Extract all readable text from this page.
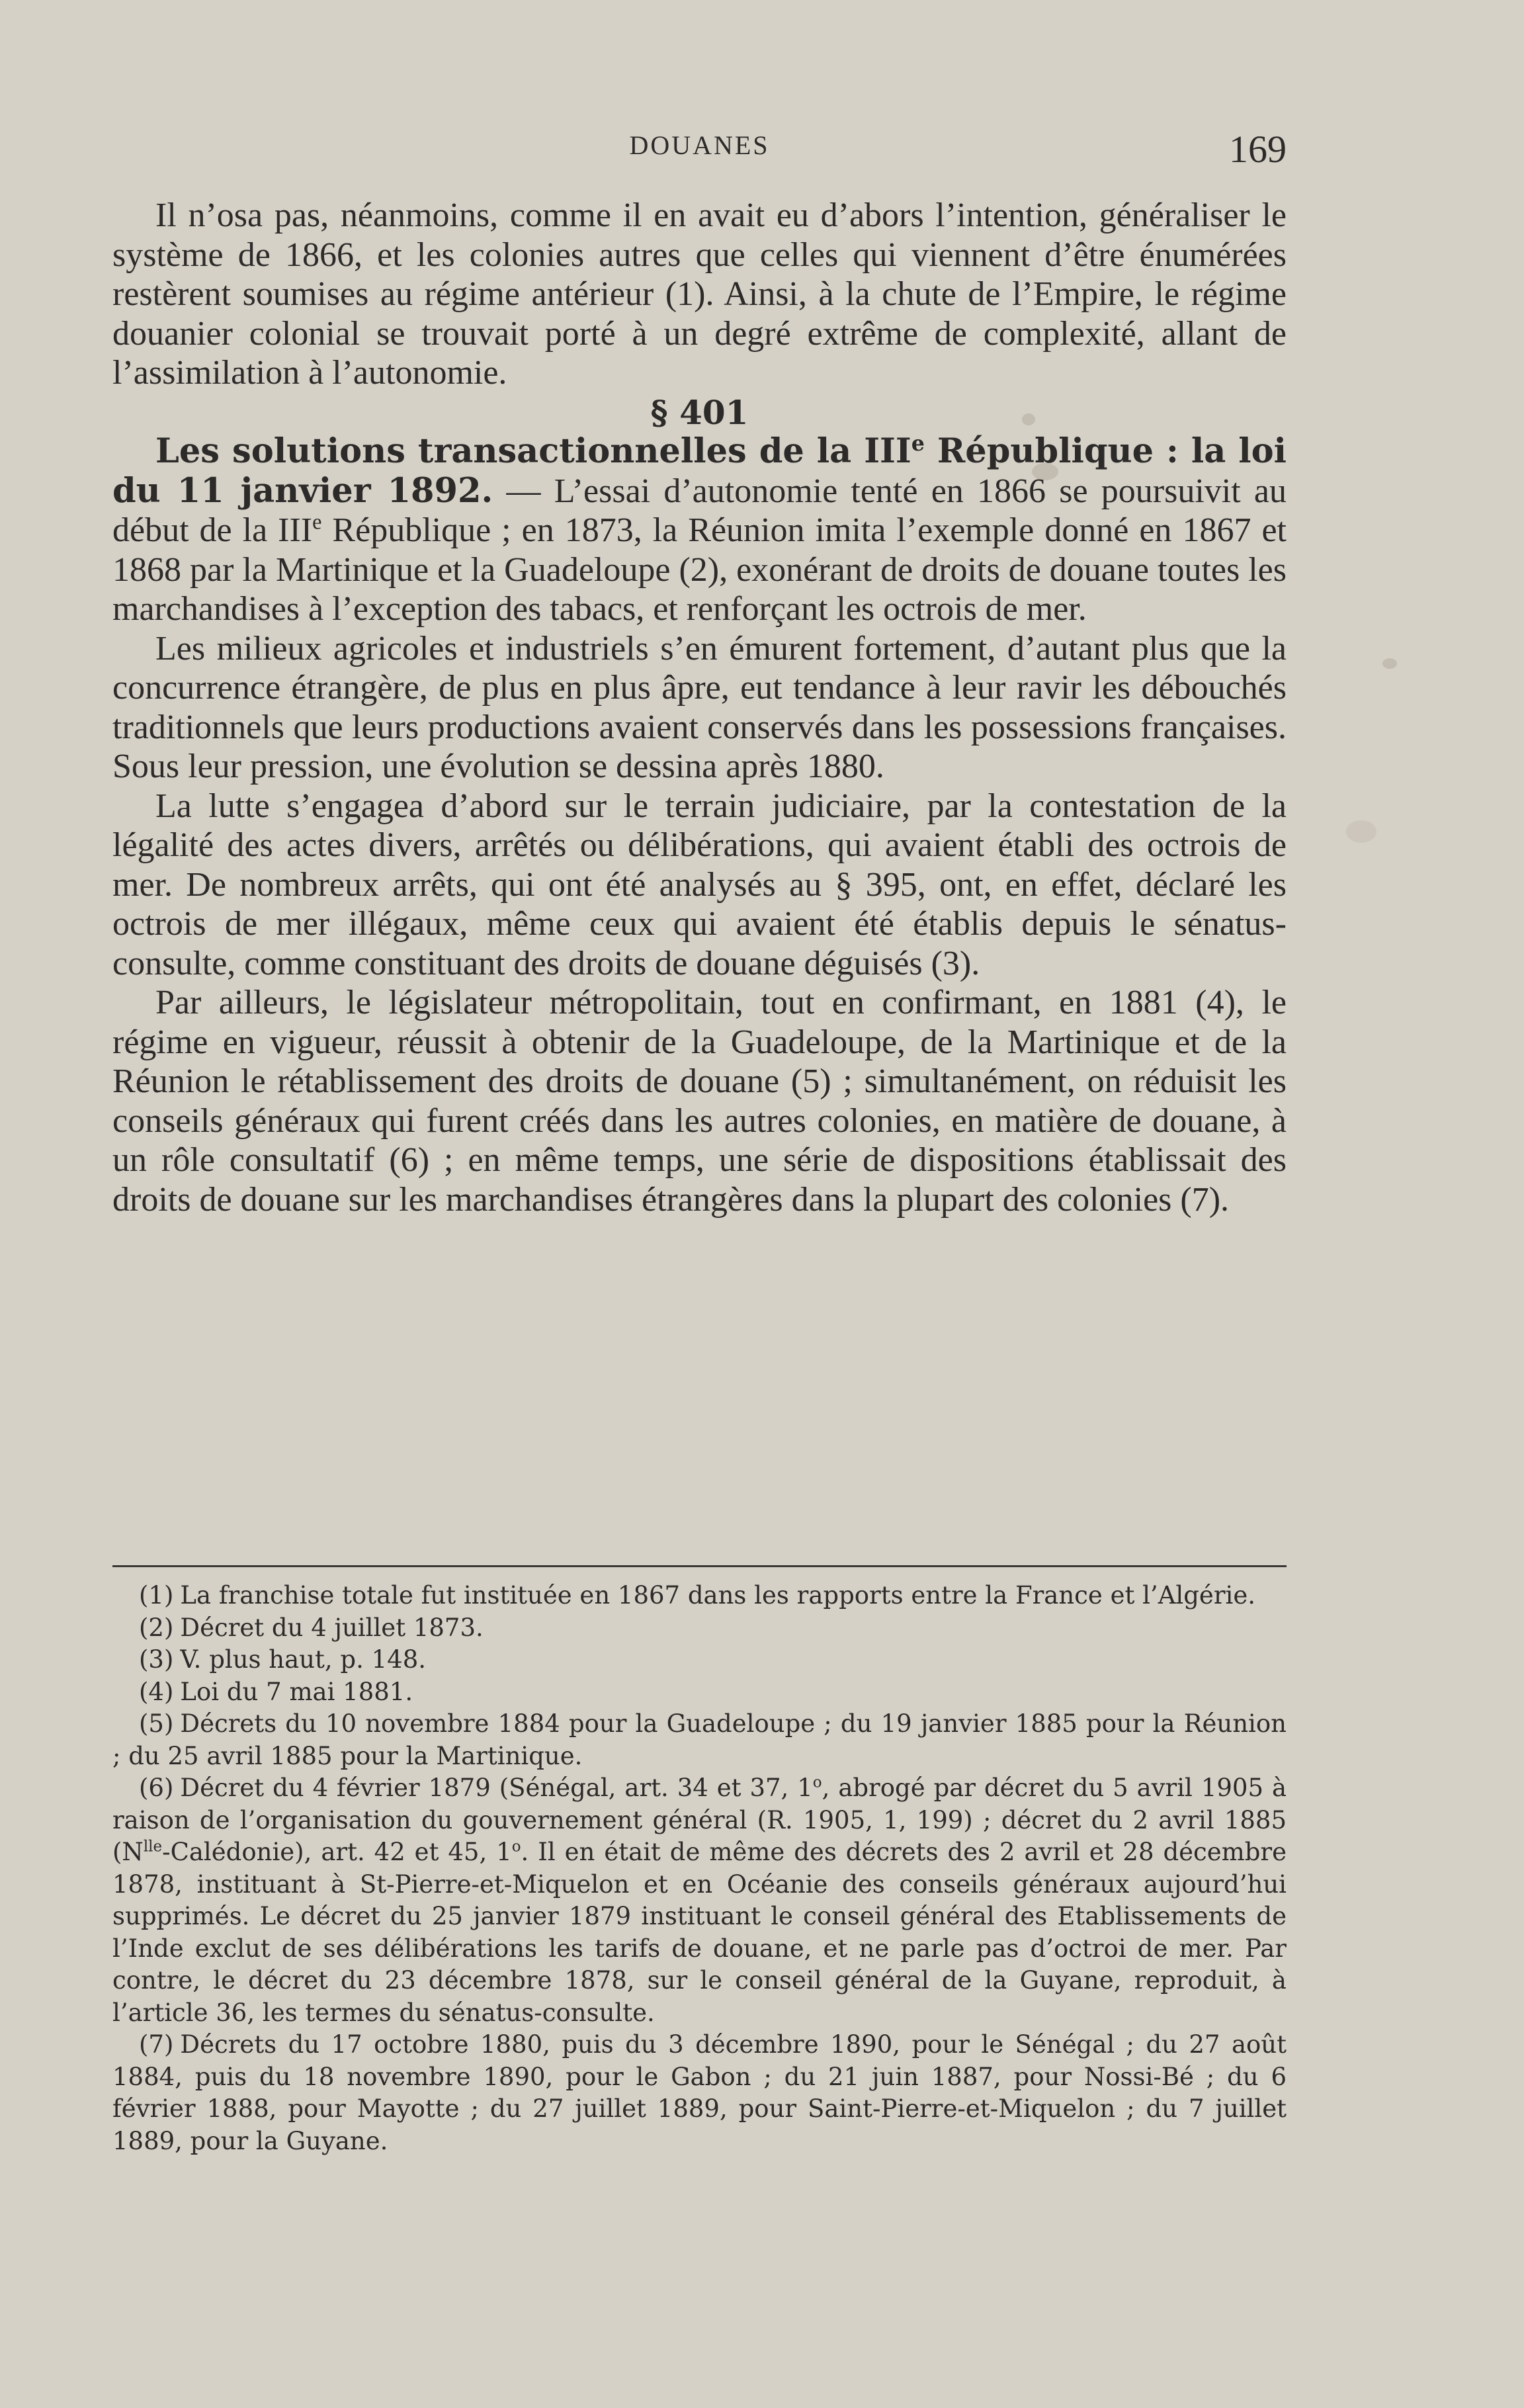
DOUANES	169

Il n’osa pas, néanmoins, comme il en avait eu d’abors l’intention, généraliser le système de 1866, et les colonies autres que celles qui viennent d’être énumérées restèrent soumises au régime antérieur (1). Ainsi, à la chute de l’Empire, le régime douanier colonial se trouvait porté à un degré extrême de complexité, allant de l’assimilation à l’autonomie.

§ 401

Les solutions transactionnelles de la IIIe République : la loi du 11 janvier 1892. — L’essai d’autonomie tenté en 1866 se poursuivit au début de la IIIe République ; en 1873, la Réunion imita l’exemple donné en 1867 et 1868 par la Martinique et la Guadeloupe (2), exonérant de droits de douane toutes les marchandises à l’exception des tabacs, et renforçant les octrois de mer.

Les milieux agricoles et industriels s’en émurent fortement, d’autant plus que la concurrence étrangère, de plus en plus âpre, eut tendance à leur ravir les débouchés traditionnels que leurs productions avaient conservés dans les possessions françaises. Sous leur pression, une évolution se dessina après 1880.

La lutte s’engagea d’abord sur le terrain judiciaire, par la contestation de la légalité des actes divers, arrêtés ou délibérations, qui avaient établi des octrois de mer. De nombreux arrêts, qui ont été analysés au § 395, ont, en effet, déclaré les octrois de mer illégaux, même ceux qui avaient été établis depuis le sénatus-consulte, comme constituant des droits de douane déguisés (3).

Par ailleurs, le législateur métropolitain, tout en confirmant, en 1881 (4), le régime en vigueur, réussit à obtenir de la Guadeloupe, de la Martinique et de la Réunion le rétablissement des droits de douane (5) ; simultanément, on réduisit les conseils généraux qui furent créés dans les autres colonies, en matière de douane, à un rôle consultatif (6) ; en même temps, une série de dispositions établissait des droits de douane sur les marchandises étrangères dans la plupart des colonies (7).

(1) La franchise totale fut instituée en 1867 dans les rapports entre la France et l’Algérie.

(2) Décret du 4 juillet 1873.

(3) V. plus haut, p. 148.

(4) Loi du 7 mai 1881.

(5) Décrets du 10 novembre 1884 pour la Guadeloupe ; du 19 janvier 1885 pour la Réunion ; du 25 avril 1885 pour la Martinique.

(6) Décret du 4 février 1879 (Sénégal, art. 34 et 37, 1$^o$, abrogé par décret du 5 avril 1905 à raison de l’organisation du gouvernement général (R. 1905, 1, 199) ; décret du 2 avril 1885 $(N^{lle}-Calédonie)$, art. 42 et 45, 1$^o$. Il en était de même des décrets des 2 avril et 28 décembre 1878, instituant à St-Pierre-et-Miquelon et en Océanie des conseils généraux aujourd’hui supprimés. Le décret du 25 janvier 1879 instituant le conseil général des Etablissements de l’Inde exclut de ses délibérations les tarifs de douane, et ne parle pas d’octroi de mer. Par contre, le décret du 23 décembre 1878, sur le conseil général de la Guyane, reproduit, à l’article 36, les termes du sénatus-consulte.

(7) Décrets du 17 octobre 1880, puis du 3 décembre 1890, pour le Sénégal ; du 27 août 1884, puis du 18 novembre 1890, pour le Gabon ; du 21 juin 1887, pour Nossi-Bé ; du 6 février 1888, pour Mayotte ; du 27 juillet 1889, pour Saint-Pierre-et-Miquelon ; du 7 juillet 1889, pour la Guyane.
